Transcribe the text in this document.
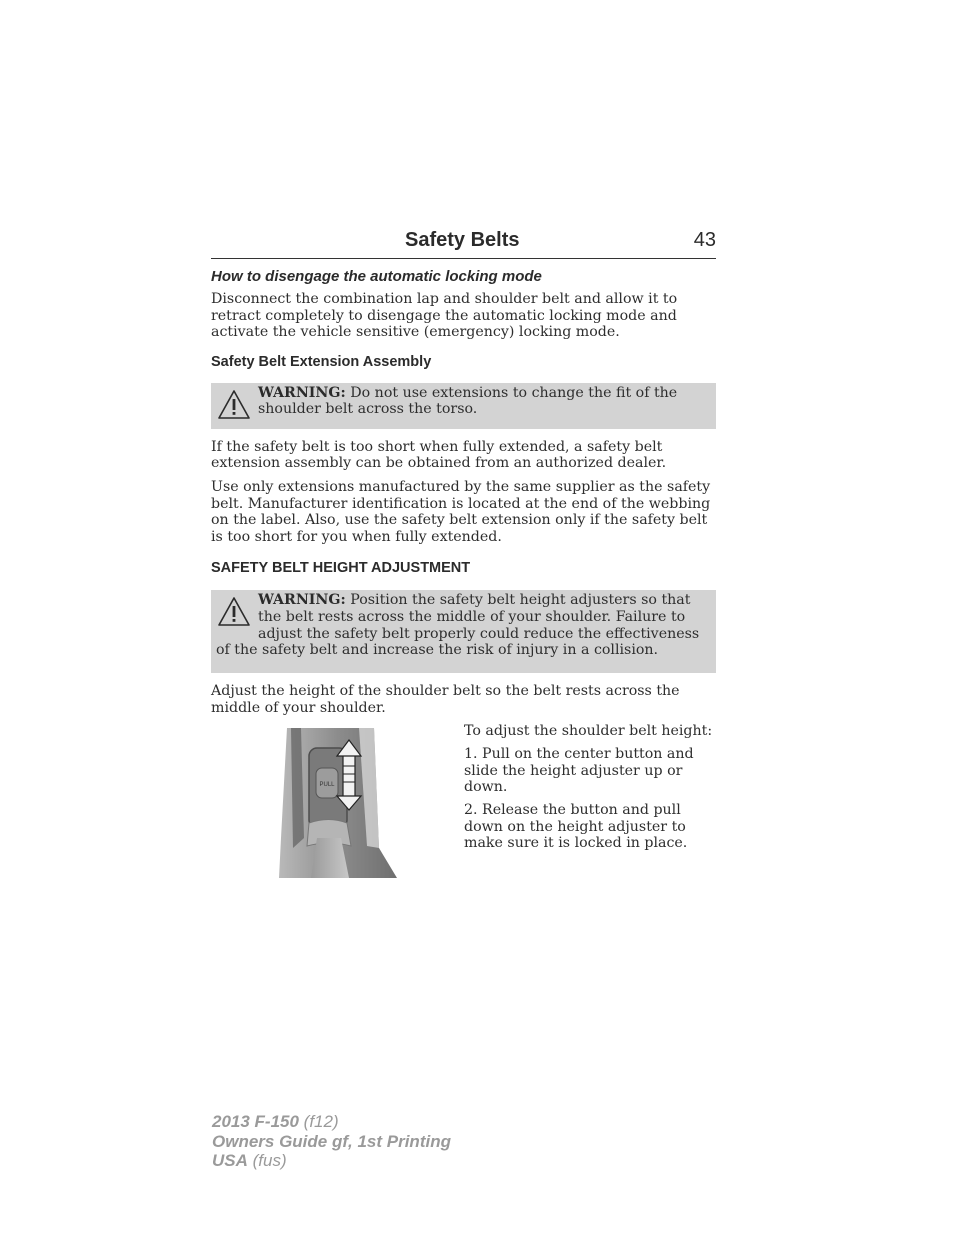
Safety Belts	43
How to disengage the automatic locking mode

Disconnect the combination lap and shoulder belt and allow it to retract completely to disengage the automatic locking mode and activate the vehicle sensitive (emergency) locking mode.

Safety Belt Extension Assembly
WARNING: Do not use extensions to change the fit of the shoulder belt across the torso.

If the safety belt is too short when fully extended, a safety belt extension assembly can be obtained from an authorized dealer.

Use only extensions manufactured by the same supplier as the safety belt. Manufacturer identification is located at the end of the webbing on the label. Also, use the safety belt extension only if the safety belt is too short for you when fully extended.

SAFETY BELT HEIGHT ADJUSTMENT
WARNING: Position the safety belt height adjusters so that the belt rests across the middle of your shoulder. Failure to adjust the safety belt properly could reduce the effectiveness of the safety belt and increase the risk of injury in a collision.

Adjust the height of the shoulder belt so the belt rests across the middle of your shoulder.

PULL

To adjust the shoulder belt height:

1. Pull on the center button and slide the height adjuster up or down.

2. Release the button and pull down on the height adjuster to make sure it is locked in place.

2013 F-150 (f12)
Owners Guide gf, 1st Printing
USA (fus)
